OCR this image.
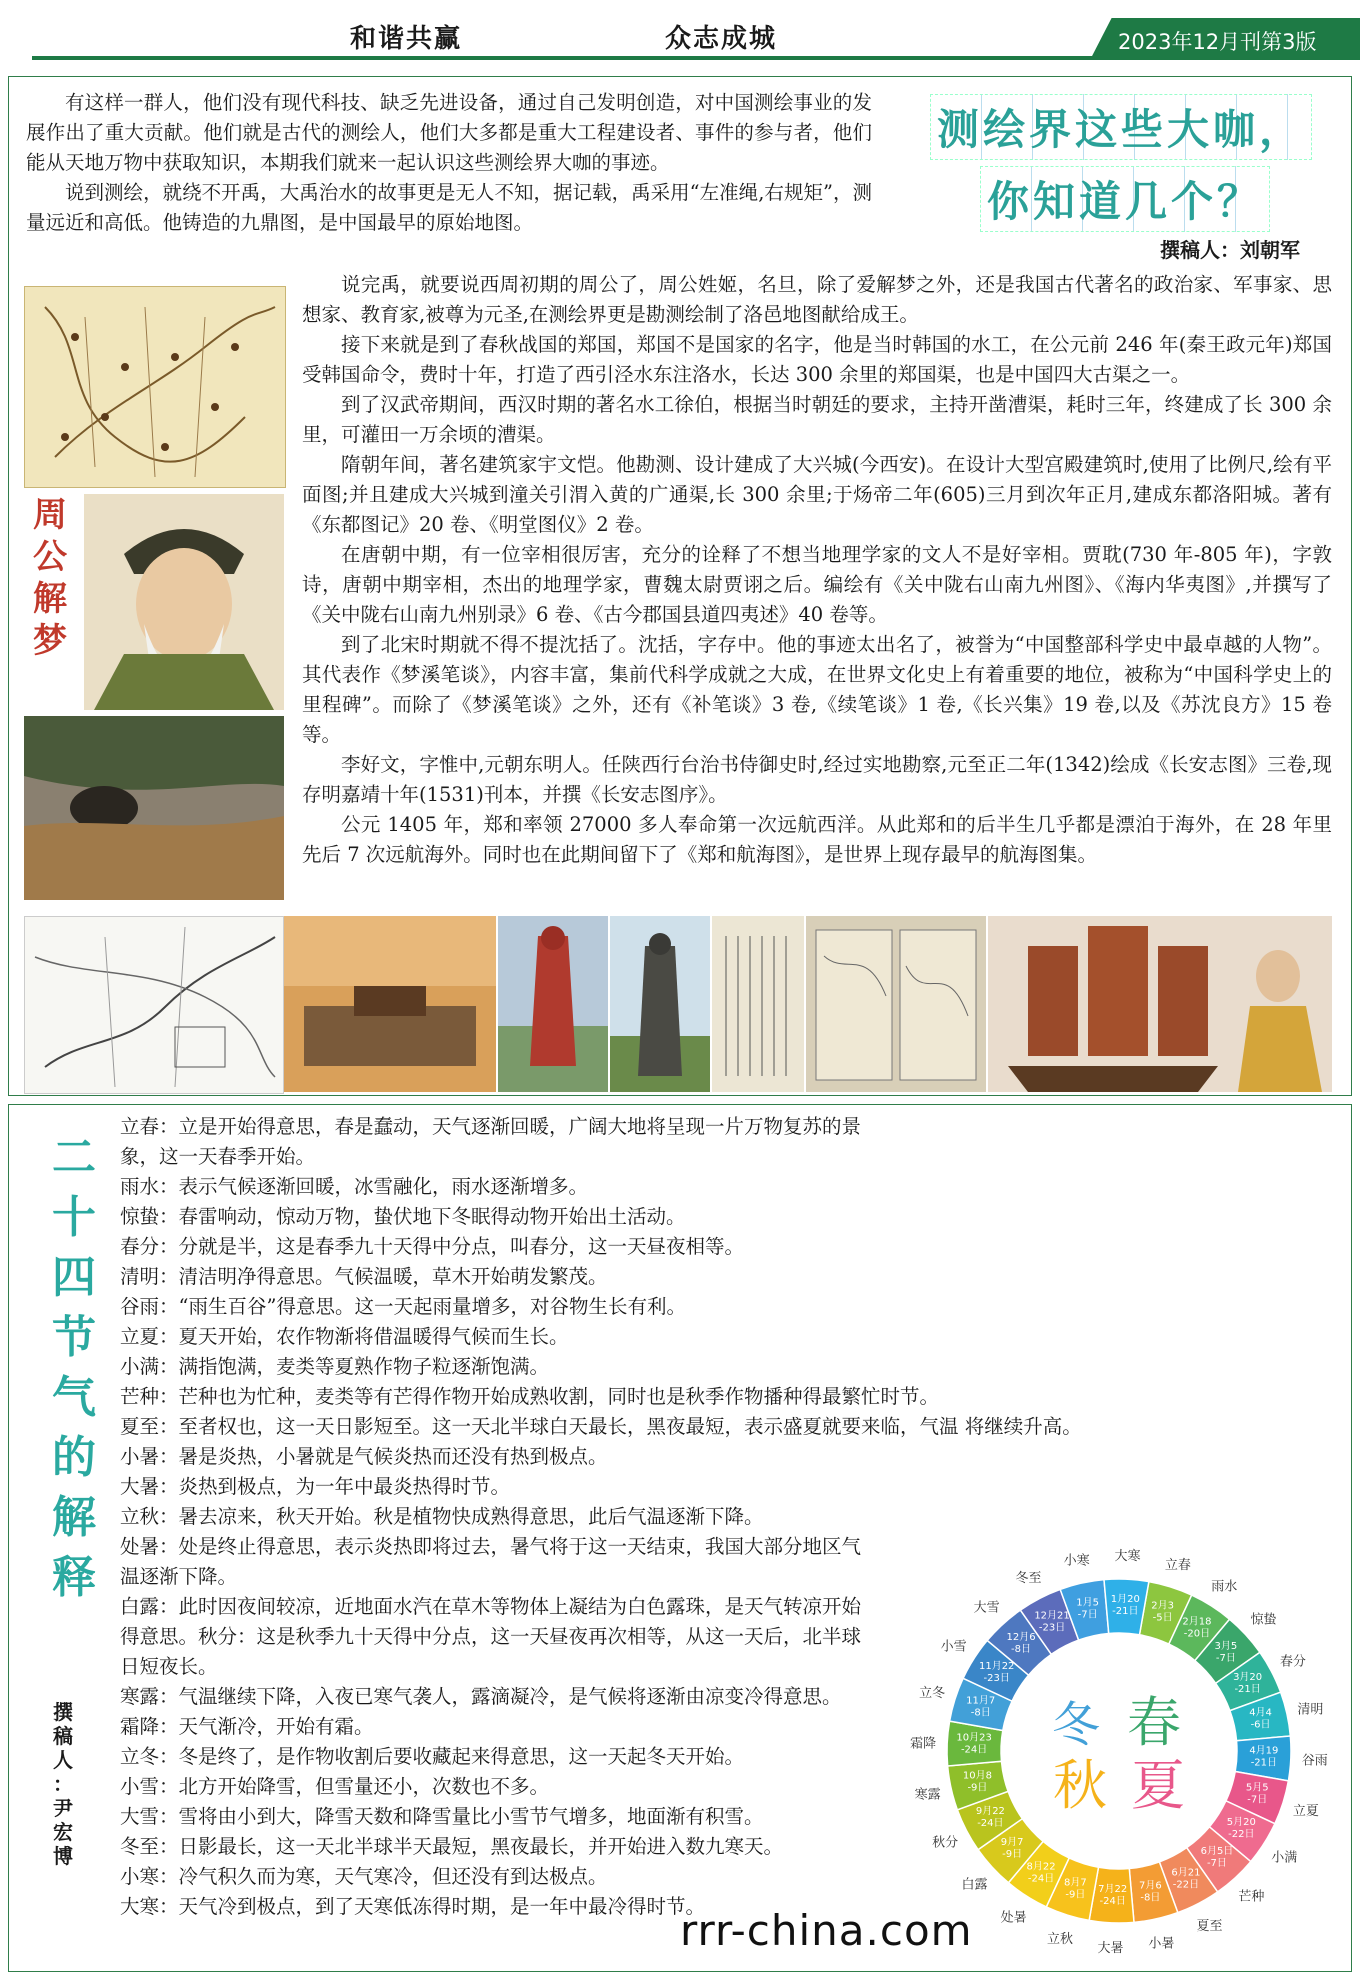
和谐共赢	众志成城	2023年12月刊第3版

有这样一群人，他们没有现代科技、缺乏先进设备，通过自己发明创造，对中国测绘事业的发展作出了重大贡献。他们就是古代的测绘人，他们大多都是重大工程建设者、事件的参与者，他们能从天地万物中获取知识，本期我们就来一起认识这些测绘界大咖的事迹。

说到测绘，就绕不开禹，大禹治水的故事更是无人不知，据记载，禹采用“左准绳,右规矩”，测量远近和高低。他铸造的九鼎图，是中国最早的原始地图。

测绘界这些大咖，
你知道几个？
撰稿人：刘朝军
周
公
解
梦

说完禹，就要说西周初期的周公了，周公姓姬，名旦，除了爱解梦之外，还是我国古代著名的政治家、军事家、思想家、教育家,被尊为元圣,在测绘界更是勘测绘制了洛邑地图献给成王。

接下来就是到了春秋战国的郑国，郑国不是国家的名字，他是当时韩国的水工，在公元前 246 年(秦王政元年)郑国受韩国命令，费时十年，打造了西引泾水东注洛水，长达 300 余里的郑国渠，也是中国四大古渠之一。

到了汉武帝期间，西汉时期的著名水工徐伯，根据当时朝廷的要求，主持开凿漕渠，耗时三年，终建成了长 300 余里，可灌田一万余顷的漕渠。

隋朝年间，著名建筑家宇文恺。他勘测、设计建成了大兴城(今西安)。在设计大型宫殿建筑时,使用了比例尺,绘有平面图;并且建成大兴城到潼关引渭入黄的广通渠,长 300 余里;于炀帝二年(605)三月到次年正月,建成东都洛阳城。著有《东都图记》20 卷、《明堂图仪》2 卷。

在唐朝中期，有一位宰相很厉害，充分的诠释了不想当地理学家的文人不是好宰相。贾耽(730 年-805 年)，字敦诗，唐朝中期宰相，杰出的地理学家，曹魏太尉贾诩之后。编绘有《关中陇右山南九州图》、《海内华夷图》,并撰写了《关中陇右山南九州别录》6 卷、《古今郡国县道四夷述》40 卷等。

到了北宋时期就不得不提沈括了。沈括，字存中。他的事迹太出名了，被誉为“中国整部科学史中最卓越的人物”。其代表作《梦溪笔谈》，内容丰富，集前代科学成就之大成，在世界文化史上有着重要的地位，被称为“中国科学史上的里程碑”。而除了《梦溪笔谈》之外，还有《补笔谈》3 卷,《续笔谈》1 卷,《长兴集》19 卷,以及《苏沈良方》15 卷等。

李好文，字惟中,元朝东明人。任陕西行台治书侍御史时,经过实地勘察,元至正二年(1342)绘成《长安志图》三卷,现存明嘉靖十年(1531)刊本，并撰《长安志图序》。

公元 1405 年，郑和率领 27000 多人奉命第一次远航西洋。从此郑和的后半生几乎都是漂泊于海外，在 28 年里先后 7 次远航海外。同时也在此期间留下了《郑和航海图》，是世界上现存最早的航海图集。

二
十
四
节
气
的
解
释
撰
稿
人
：
尹
宏
博

立春：立是开始得意思，春是蠢动，天气逐渐回暖，广阔大地将呈现一片万物复苏的景象，这一天春季开始。

雨水：表示气候逐渐回暖，冰雪融化，雨水逐渐增多。

惊蛰：春雷响动，惊动万物，蛰伏地下冬眠得动物开始出土活动。

春分：分就是半，这是春季九十天得中分点，叫春分，这一天昼夜相等。

清明：清洁明净得意思。气候温暖，草木开始萌发繁茂。

谷雨：“雨生百谷”得意思。这一天起雨量增多，对谷物生长有利。

立夏：夏天开始，农作物渐将借温暖得气候而生长。

小满：满指饱满，麦类等夏熟作物子粒逐渐饱满。

芒种：芒种也为忙种，麦类等有芒得作物开始成熟收割，同时也是秋季作物播种得最繁忙时节。

夏至：至者权也，这一天日影短至。这一天北半球白天最长，黑夜最短，表示盛夏就要来临，气温 将继续升高。

小暑：暑是炎热，小暑就是气候炎热而还没有热到极点。

大暑：炎热到极点，为一年中最炎热得时节。

立秋：暑去凉来，秋天开始。秋是植物快成熟得意思，此后气温逐渐下降。

处暑：处是终止得意思，表示炎热即将过去，暑气将于这一天结束，我国大部分地区气温逐渐下降。

白露：此时因夜间较凉，近地面水汽在草木等物体上凝结为白色露珠，是天气转凉开始得意思。秋分：这是秋季九十天得中分点，这一天昼夜再次相等，从这一天后，北半球日短夜长。

寒露：气温继续下降，入夜已寒气袭人，露滴凝冷，是气候将逐渐由凉变冷得意思。

霜降：天气渐冷，开始有霜。

立冬：冬是终了，是作物收割后要收藏起来得意思，这一天起冬天开始。

小雪：北方开始降雪，但雪量还小，次数也不多。

大雪：雪将由小到大，降雪天数和降雪量比小雪节气增多，地面渐有积雪。

冬至：日影最长，这一天北半球半天最短，黑夜最长，并开始进入数九寒天。

小寒：冷气积久而为寒，天气寒冷，但还没有到达极点。

大寒：天气冷到极点，到了天寒低冻得时期，是一年中最冷得时节。

2月3
-5日 2月18
-20日
3月5
-7日
3月20
-21日
4月4
-6日
4月19
-21日
5月5
-7日
5月20
-22日
6月5日
-7日
6月21
-22日
7月6
-8日
7月22
-24日
8月7
-9日
8月22
-24日
9月7
-9日
9月22
-24日
10月8
-9日
10月23
-24日
11月7
-8日
11月22
-23日
12月6
-8日
12月21
-23日
1月5
-7日
1月20
-21日
冬 春
秋 夏
立春
雨水
惊蛰
春分
清明
谷雨
立夏
小满
芒种
夏至
小暑
大暑
立秋
处暑
白露
秋分
寒露
霜降
立冬
小雪
大雪
冬至
小寒 大寒
rrr-china.com
